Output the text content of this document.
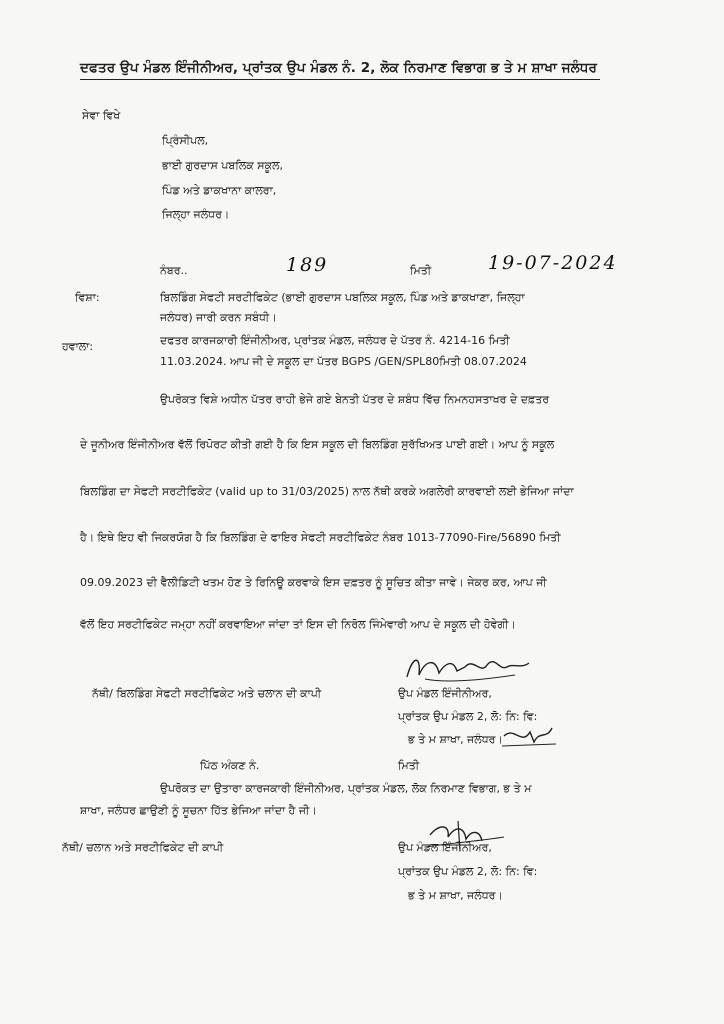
ਦਫਤਰ ਉਪ ਮੰਡਲ ਇੰਜੀਨੀਅਰ, ਪ੍ਰਾਂਤਕ ਉਪ ਮੰਡਲ ਨੰ. 2, ਲੋਕ ਨਿਰਮਾਣ ਵਿਭਾਗ ਭ ਤੇ ਮ ਸ਼ਾਖਾ ਜਲੰਧਰ
ਸੇਵਾ ਵਿਖੇ
ਪ੍ਰਿੰਸੀਪਲ,
ਭਾਈ ਗੁਰਦਾਸ ਪਬਲਿਕ ਸਕੂਲ,
ਪਿੰਡ ਅਤੇ ਡਾਕਖਾਨਾ ਕਾਲਰਾ,
ਜਿਲ੍ਹਾ ਜਲੰਧਰ।
ਨੰਬਰ..	189	ਮਿਤੀ	19-07-2024
ਵਿਸ਼ਾ:	ਬਿਲਡਿੰਗ ਸੇਫਟੀ ਸਰਟੀਫਿਕੇਟ (ਭਾਈ ਗੁਰਦਾਸ ਪਬਲਿਕ ਸਕੂਲ, ਪਿੰਡ ਅਤੇ ਡਾਕਖਾਣਾ, ਜਿਲ੍ਹਾ
ਜਲੰਧਰ) ਜਾਰੀ ਕਰਨ ਸਬੰਧੀ।
ਹਵਾਲਾ:	ਦਫਤਰ ਕਾਰਜਕਾਰੀ ਇੰਜੀਨੀਅਰ, ਪ੍ਰਾਂਤਕ ਮੰਡਲ, ਜਲੰਧਰ ਦੇ ਪੱਤਰ ਨੰ. 4214-16 ਮਿਤੀ
11.03.2024. ਆਪ ਜੀ ਦੇ ਸਕੂਲ ਦਾ ਪੱਤਰ BGPS /GEN/SPL80ਮਿਤੀ 08.07.2024
ਉਪਰੋਕਤ ਵਿਸ਼ੇ ਅਧੀਨ ਪੱਤਰ ਰਾਹੀ ਭੇਜੇ ਗਏ ਬੇਨਤੀ ਪੱਤਰ ਦੇ ਸ਼ਬੰਧ ਵਿੱਚ ਨਿਮਨਹਸਤਾਖਰ ਦੇ ਦਫ਼ਤਰ
ਦੇ ਜੂਨੀਅਰ ਇੰਜੀਨੀਅਰ ਵੱਲੋਂ ਰਿਪੋਰਟ ਕੀਤੀ ਗਈ ਹੈ ਕਿ ਇਸ ਸਕੂਲ ਦੀ ਬਿਲਡਿੰਗ ਸੁਰੱਖਿਅਤ ਪਾਈ ਗਈ। ਆਪ ਨੂੰ ਸਕੂਲ
ਬਿਲਡਿੰਗ ਦਾ ਸੇਫਟੀ ਸਰਟੀਫਿਕੇਟ (valid up to 31/03/2025) ਨਾਲ ਨੱਥੀ ਕਰਕੇ ਅਗਲੇਰੀ ਕਾਰਵਾਈ ਲਈ ਭੇਜਿਆ ਜਾਂਦਾ
ਹੈ। ਇਥੇ ਇਹ ਵੀ ਜਿਕਰਯੋਗ ਹੈ ਕਿ ਬਿਲਡਿੰਗ ਦੇ ਫਾਇਰ ਸੇਫਟੀ ਸਰਟੀਫਿਕੇਟ ਨੰਬਰ 1013-77090-Fire/56890 ਮਿਤੀ
09.09.2023 ਦੀ ਵੈਲੀਡਿਟੀ ਖਤਮ ਹੋਣ ਤੇ ਰਿਨਿਊ ਕਰਵਾਕੇ ਇਸ ਦਫ਼ਤਰ ਨੂੰ ਸੂਚਿਤ ਕੀਤਾ ਜਾਵੇ। ਜੇਕਰ ਕਰ, ਆਪ ਜੀ
ਵੱਲੋਂ ਇਹ ਸਰਟੀਫਿਕੇਟ ਜਮ੍ਹਾ ਨਹੀਂ ਕਰਵਾਇਆ ਜਾਂਦਾ ਤਾਂ ਇਸ ਦੀ ਨਿਰੋਲ ਜਿੰਮੇਵਾਰੀ ਆਪ ਦੇ ਸਕੂਲ ਦੀ ਹੋਵੇਗੀ।
ਨੱਥੀ/ ਬਿਲਡਿੰਗ ਸੇਫਟੀ ਸਰਟੀਫਿਕੇਟ ਅਤੇ ਚਲਾਨ ਦੀ ਕਾਪੀ	ਉਪ ਮੰਡਲ ਇੰਜੀਨੀਅਰ,
ਪ੍ਰਾਂਤਕ ਉਪ ਮੰਡਲ 2, ਲੋ: ਨਿ: ਵਿ:
ਭ ਤੇ ਮ ਸ਼ਾਖਾ, ਜਲੰਧਰ।
ਪਿੱਠ ਅੰਕਣ ਨੰ.	ਮਿਤੀ
ਉਪਰੋਕਤ ਦਾ ਉਤਾਰਾ ਕਾਰਜਕਾਰੀ ਇੰਜੀਨੀਅਰ, ਪ੍ਰਾਂਤਕ ਮੰਡਲ, ਲੋਕ ਨਿਰਮਾਣ ਵਿਭਾਗ, ਭ ਤੇ ਮ
ਸ਼ਾਖਾ, ਜਲੰਧਰ ਛਾਉਣੀ ਨੂੰ ਸੂਚਨਾ ਹਿੱਤ ਭੇਜਿਆ ਜਾਂਦਾ ਹੈ ਜੀ।
ਨੱਥੀ/ ਚਲਾਨ ਅਤੇ ਸਰਟੀਫਿਕੇਟ ਦੀ ਕਾਪੀ	ਉਪ ਮੰਡਲ ਇੰਜੀਨੀਅਰ,
ਪ੍ਰਾਂਤਕ ਉਪ ਮੰਡਲ 2, ਲੋ: ਨਿ: ਵਿ:
ਭ ਤੇ ਮ ਸ਼ਾਖਾ, ਜਲੰਧਰ।
